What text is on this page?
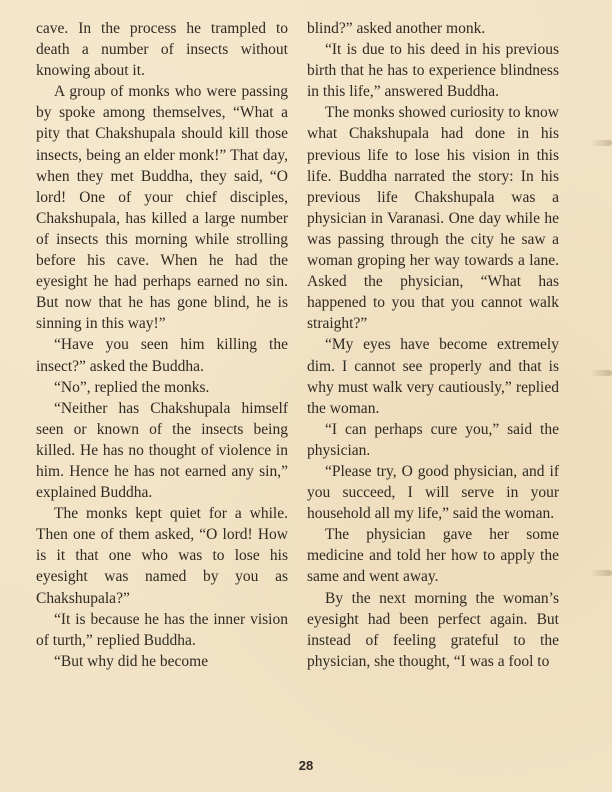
cave. In the process he trampled to death a number of insects without knowing about it.

A group of monks who were passing by spoke among themselves, “What a pity that Chakshupala should kill those insects, being an elder monk!” That day, when they met Buddha, they said, “O lord! One of your chief disciples, Chakshupala, has killed a large number of insects this morning while strolling before his cave. When he had the eyesight he had perhaps earned no sin. But now that he has gone blind, he is sinning in this way!”

“Have you seen him killing the insect?” asked the Buddha.

“No”, replied the monks.

“Neither has Chakshupala himself seen or known of the insects being killed. He has no thought of violence in him. Hence he has not earned any sin,” explained Buddha.

The monks kept quiet for a while. Then one of them asked, “O lord! How is it that one who was to lose his eyesight was named by you as Chakshupala?”

“It is because he has the inner vision of turth,” replied Buddha.

“But why did he become

blind?” asked another monk.

“It is due to his deed in his previous birth that he has to experience blindness in this life,” answered Buddha.

The monks showed curiosity to know what Chakshupala had done in his previous life to lose his vision in this life. Buddha narrated the story: In his previous life Chakshupala was a physician in Varanasi. One day while he was passing through the city he saw a woman groping her way towards a lane. Asked the physician, “What has happened to you that you cannot walk straight?”

“My eyes have become extremely dim. I cannot see properly and that is why must walk very cautiously,” replied the woman.

“I can perhaps cure you,” said the physician.

“Please try, O good physician, and if you succeed, I will serve in your household all my life,” said the woman.

The physician gave her some medicine and told her how to apply the same and went away.

By the next morning the woman’s eyesight had been perfect again. But instead of feeling grateful to the physician, she thought, “I was a fool to

28
